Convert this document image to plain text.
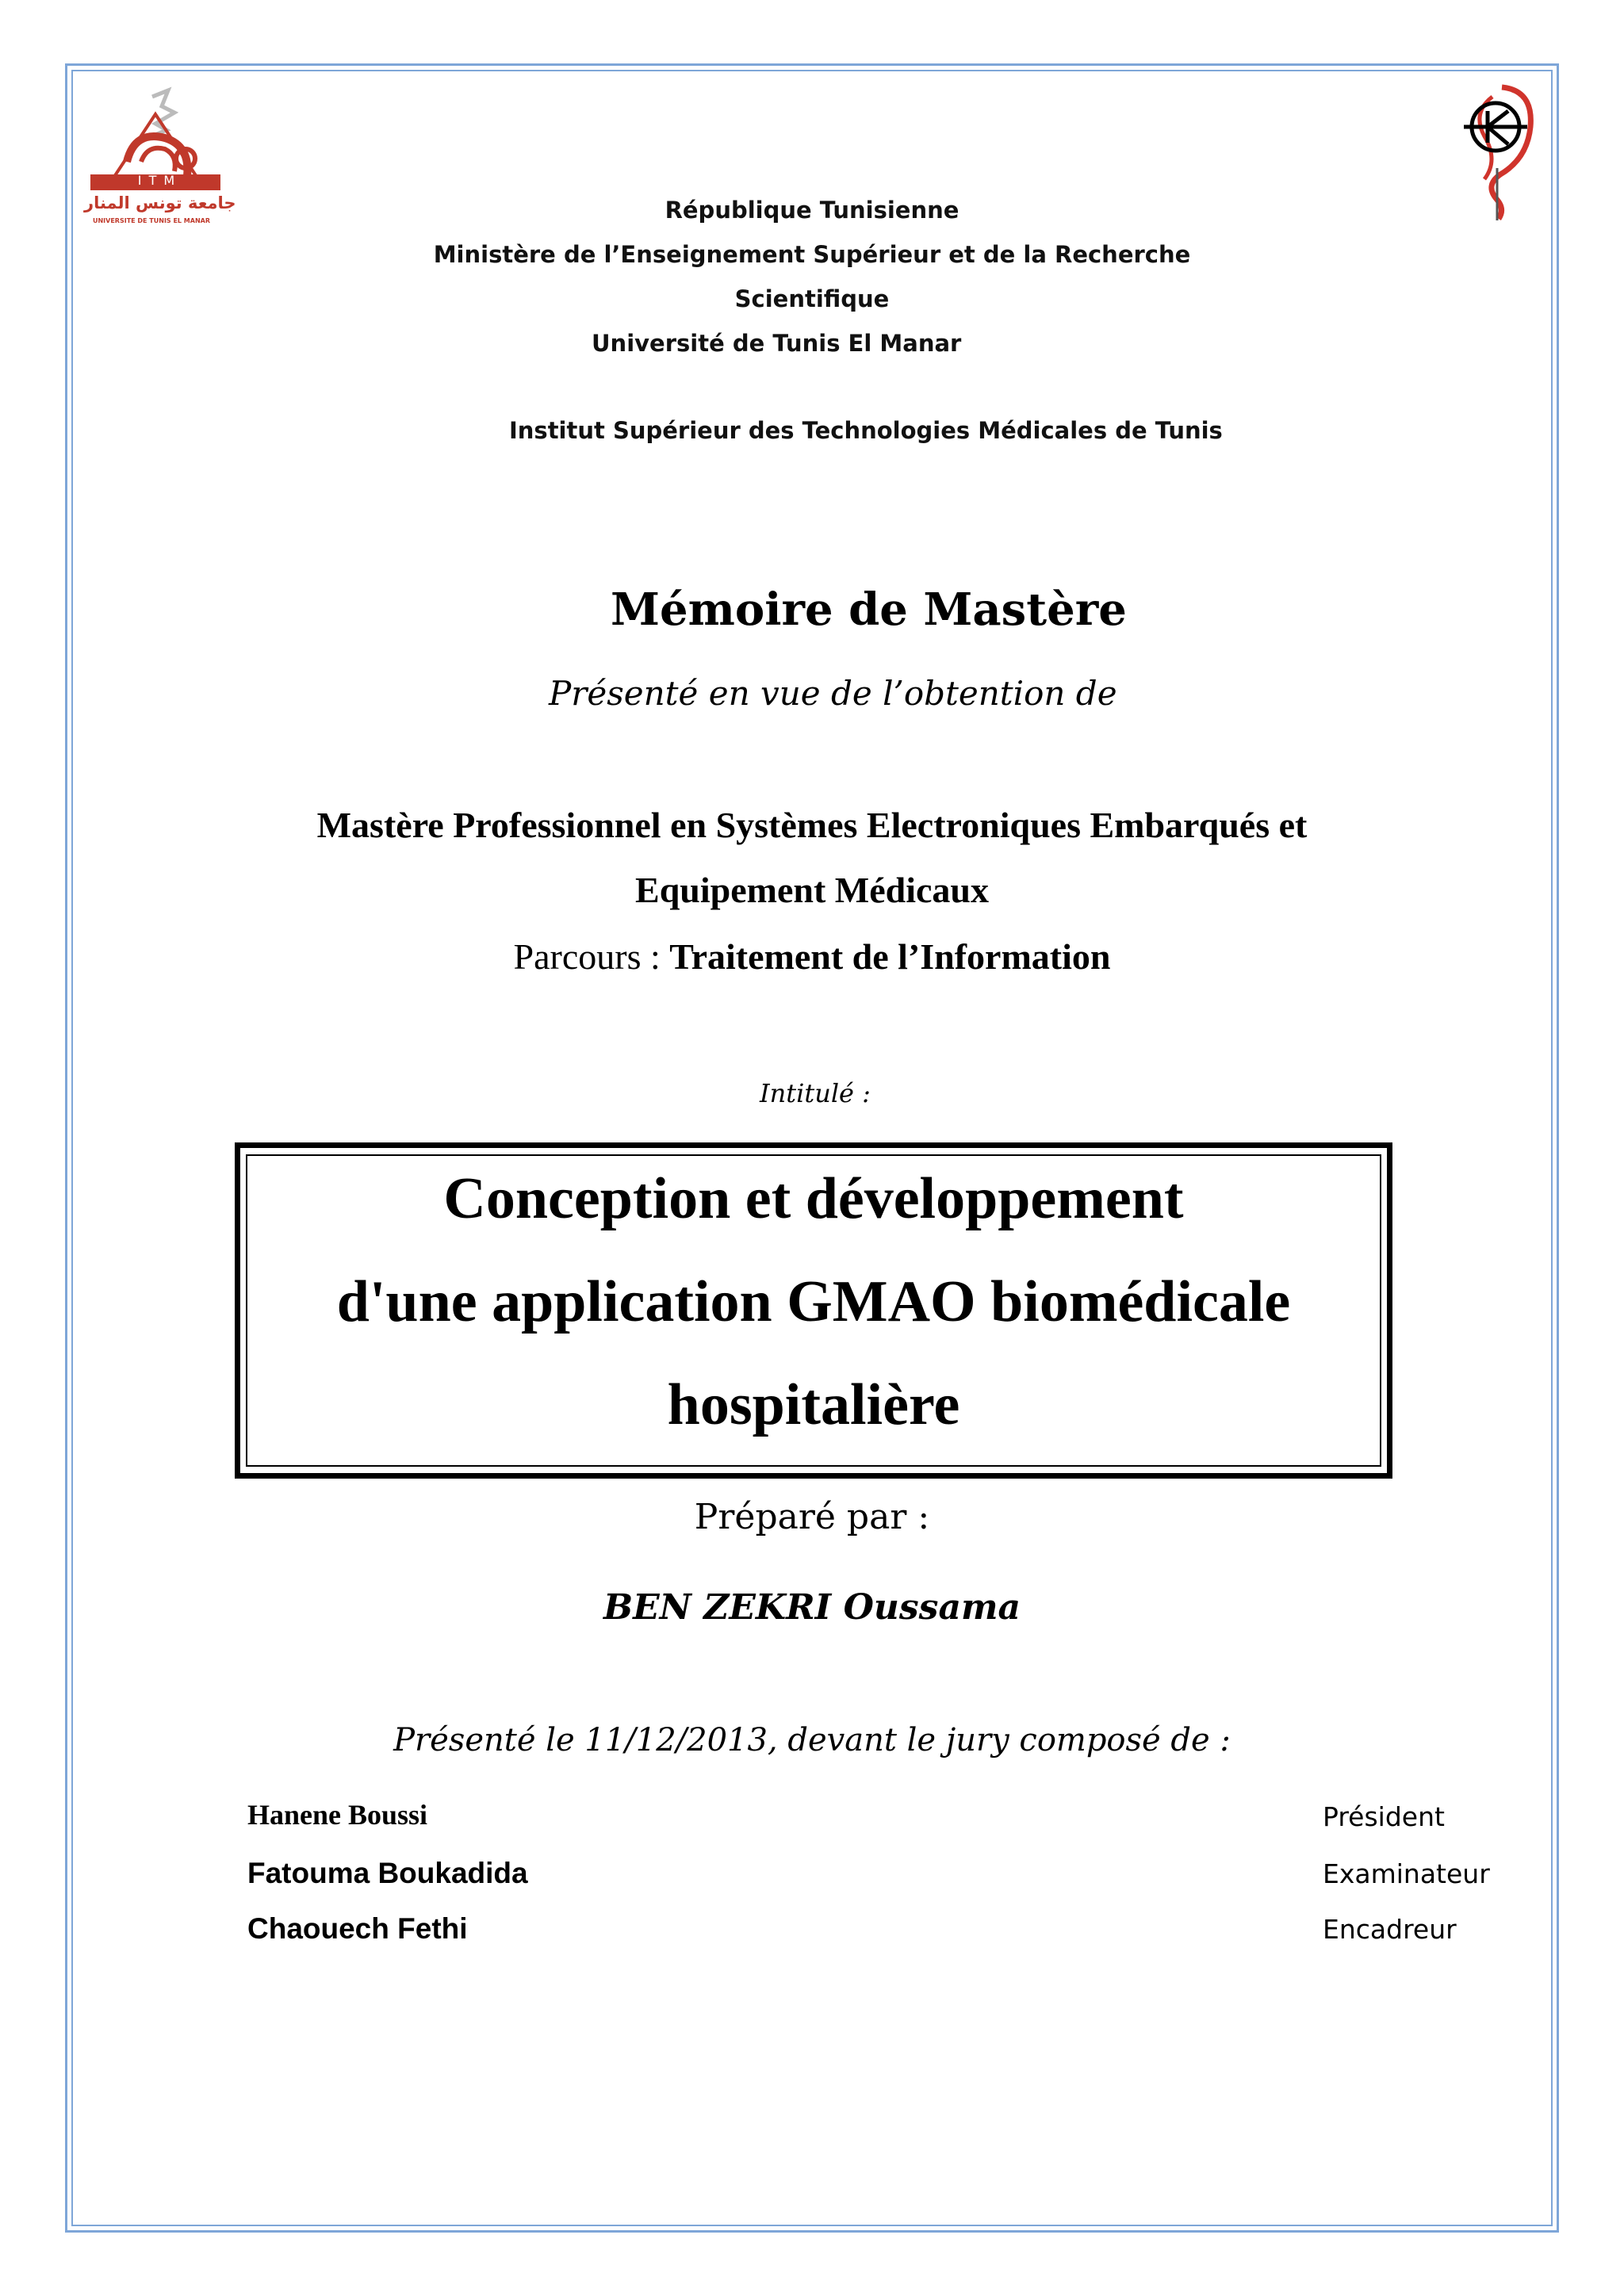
I T M
جامعة تونس المنار
UNIVERSITE DE TUNIS EL MANAR	République Tunisienne
Ministère de l’Enseignement Supérieur et de la Recherche
Scientifique
Université de Tunis El Manar
Institut Supérieur des Technologies Médicales de Tunis
Mémoire de Mastère
Présenté en vue de l’obtention de
Mastère Professionnel en Systèmes Electroniques Embarqués et
Equipement Médicaux
Parcours : Traitement de l’Information
Intitulé :
Conception et développement
d'une application GMAO biomédicale
hospitalière
Préparé par :
BEN ZEKRI Oussama
Présenté le 11/12/2013, devant le jury composé de :
Hanene Boussi	Président
Fatouma Boukadida	Examinateur
Chaouech Fethi	Encadreur
